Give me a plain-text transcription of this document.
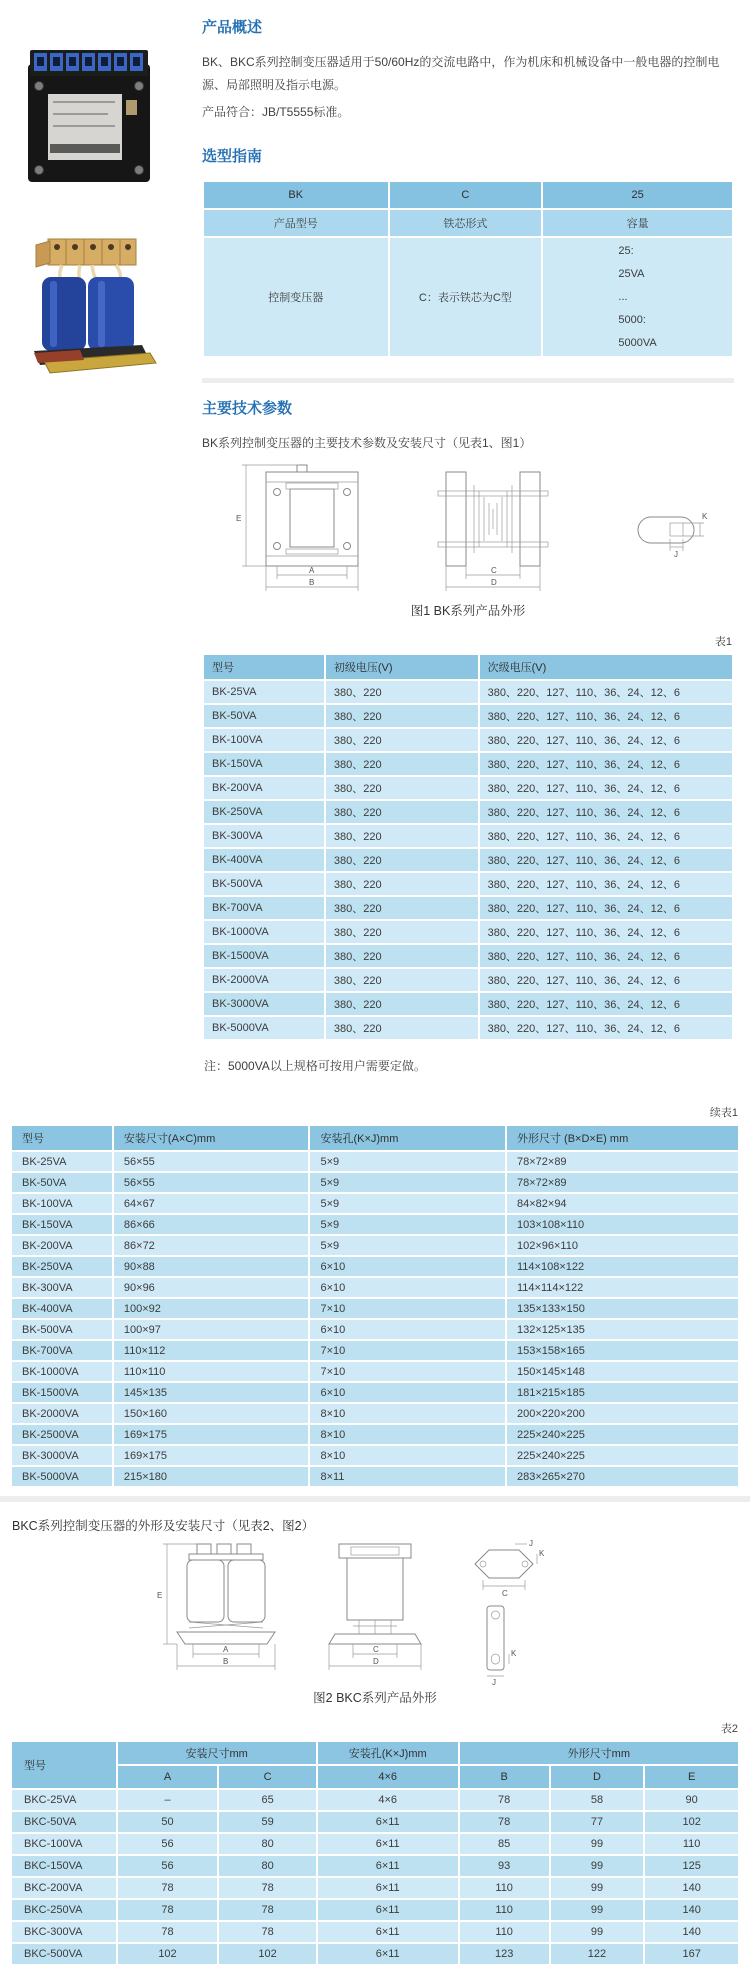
产品概述

BK、BKC系列控制变压器适用于50/60Hz的交流电路中，作为机床和机械设备中一般电器的控制电源、局部照明及指示电源。

产品符合：JB/T5555标准。

选型指南
BK	C	25
产品型号	铁芯形式	容量
控制变压器	C：表示铁芯为C型	25:
25VA
...
5000:
5000VA
主要技术参数

BK系列控制变压器的主要技术参数及安装尺寸（见表1、图1）

E
A
B
C
D
K
J
图1 BK系列产品外形
表1
型号	初级电压(V)	次级电压(V)
BK-25VA	380、220	380、220、127、110、36、24、12、6
BK-50VA	380、220	380、220、127、110、36、24、12、6
BK-100VA	380、220	380、220、127、110、36、24、12、6
BK-150VA	380、220	380、220、127、110、36、24、12、6
BK-200VA	380、220	380、220、127、110、36、24、12、6
BK-250VA	380、220	380、220、127、110、36、24、12、6
BK-300VA	380、220	380、220、127、110、36、24、12、6
BK-400VA	380、220	380、220、127、110、36、24、12、6
BK-500VA	380、220	380、220、127、110、36、24、12、6
BK-700VA	380、220	380、220、127、110、36、24、12、6
BK-1000VA	380、220	380、220、127、110、36、24、12、6
BK-1500VA	380、220	380、220、127、110、36、24、12、6
BK-2000VA	380、220	380、220、127、110、36、24、12、6
BK-3000VA	380、220	380、220、127、110、36、24、12、6
BK-5000VA	380、220	380、220、127、110、36、24、12、6

注：5000VA以上规格可按用户需要定做。

续表1
型号	安装尺寸(A×C)mm	安装孔(K×J)mm	外形尺寸 (B×D×E) mm
BK-25VA	56×55	5×9	78×72×89
BK-50VA	56×55	5×9	78×72×89
BK-100VA	64×67	5×9	84×82×94
BK-150VA	86×66	5×9	103×108×110
BK-200VA	86×72	5×9	102×96×110
BK-250VA	90×88	6×10	114×108×122
BK-300VA	90×96	6×10	114×114×122
BK-400VA	100×92	7×10	135×133×150
BK-500VA	100×97	6×10	132×125×135
BK-700VA	110×112	7×10	153×158×165
BK-1000VA	110×110	7×10	150×145×148
BK-1500VA	145×135	6×10	181×215×185
BK-2000VA	150×160	8×10	200×220×200
BK-2500VA	169×175	8×10	225×240×225
BK-3000VA	169×175	8×10	225×240×225
BK-5000VA	215×180	8×11	283×265×270

BKC系列控制变压器的外形及安装尺寸（见表2、图2）

E
A
B
C
D
J
K
C
K
J
图2 BKC系列产品外形
表2
型号	安装尺寸mm		安装孔(K×J)mm	外形尺寸mm		
	A	C	4×6	B	D	E
BKC-25VA	–	65	4×6	78	58	90
BKC-50VA	50	59	6×11	78	77	102
BKC-100VA	56	80	6×11	85	99	110
BKC-150VA	56	80	6×11	93	99	125
BKC-200VA	78	78	6×11	110	99	140
BKC-250VA	78	78	6×11	110	99	140
BKC-300VA	78	78	6×11	110	99	140
BKC-500VA	102	102	6×11	123	122	167
